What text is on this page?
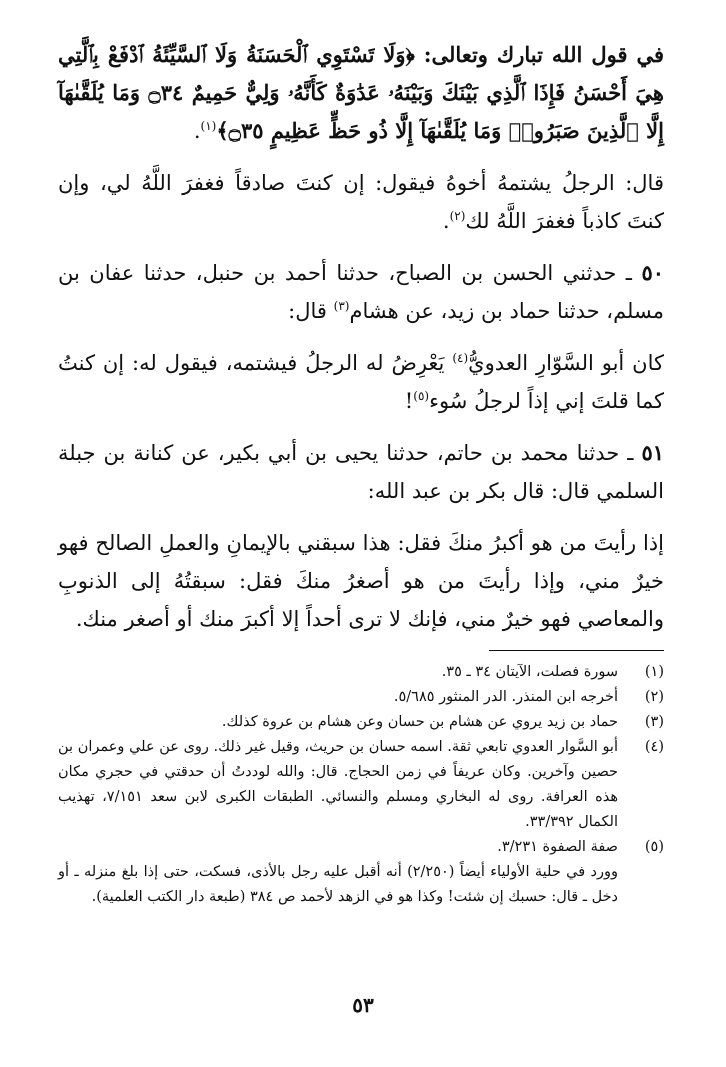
في قول الله تبارك وتعالى: ﴿وَلَا تَسْتَوِي ٱلْحَسَنَةُ وَلَا ٱلسَّيِّئَةُ ٱدْفَعْ بِٱلَّتِي هِيَ أَحْسَنُ فَإِذَا ٱلَّذِي بَيْنَكَ وَبَيْنَهُۥ عَدَٰوَةٌ كَأَنَّهُۥ وَلِيٌّ حَمِيمٌ ۝٣٤ وَمَا يُلَقَّىٰهَآ إِلَّا ٱلَّذِينَ صَبَرُوا۟ وَمَا يُلَقَّىٰهَآ إِلَّا ذُو حَظٍّ عَظِيمٍ ۝٣٥﴾$^{(١)}$.

قال: الرجلُ يشتمهُ أخوهُ فيقول: إن كنتَ صادقاً فغفرَ اللَّهُ لي، وإن كنتَ كاذباً فغفرَ اللَّهُ لك$^{(٢)}$.

٥٠ ـ حدثني الحسن بن الصباح، حدثنا أحمد بن حنبل، حدثنا عفان بن مسلم، حدثنا حماد بن زيد، عن هشام$^{(٣)}$ قال:

كان أبو السَّوّارِ العدويُّ$^{(٤)}$ يَعْرِضُ له الرجلُ فيشتمه، فيقول له: إن كنتُ كما قلتَ إني إذاً لرجلُ سُوء$^{(٥)}$!

٥١ ـ حدثنا محمد بن حاتم، حدثنا يحيى بن أبي بكير، عن كنانة بن جبلة السلمي قال: قال بكر بن عبد الله:

إذا رأيتَ من هو أكبرُ منكَ فقل: هذا سبقني بالإيمانِ والعملِ الصالح فهو خيرٌ مني، وإذا رأيتَ من هو أصغرُ منكَ فقل: سبقتُهُ إلى الذنوبِ والمعاصي فهو خيرٌ مني، فإنك لا ترى أحداً إلا أكبرَ منك أو أصغر منك.

(١)
سورة فصلت، الآيتان ٣٤ ـ ٣٥.
(٢)
أخرجه ابن المنذر. الدر المنثور ٥/٦٨٥.
(٣)
حماد بن زيد يروي عن هشام بن حسان وعن هشام بن عروة كذلك.
(٤)
أبو السَّوار العدوي تابعي ثقة. اسمه حسان بن حريث، وقيل غير ذلك. روى عن علي وعمران بن حصين وآخرين. وكان عريفاً في زمن الحجاج. قال: والله لوددتُ أن حدقتي في حجري مكان هذه العرافة. روى له البخاري ومسلم والنسائي. الطبقات الكبرى لابن سعد ٧/١٥١، تهذيب الكمال ٣٣/٣٩٢.
(٥)
صفة الصفوة ٣/٢٣١.
وورد في حلية الأولياء أيضاً (٢/٢٥٠) أنه أقبل عليه رجل بالأذى، فسكت، حتى إذا بلغ منزله ـ أو دخل ـ قال: حسبك إن شئت! وكذا هو في الزهد لأحمد ص ٣٨٤ (طبعة دار الكتب العلمية).
٥٣
